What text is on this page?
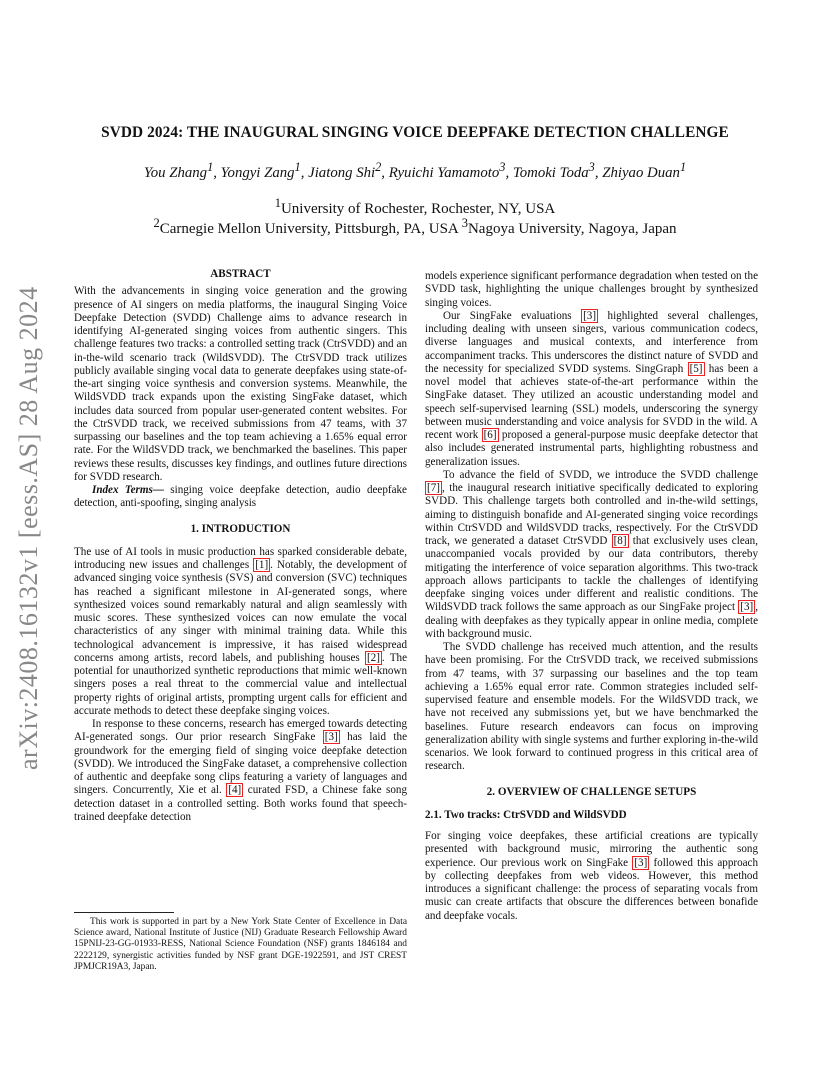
arXiv:2408.16132v1 [eess.AS] 28 Aug 2024
SVDD 2024: THE INAUGURAL SINGING VOICE DEEPFAKE DETECTION CHALLENGE
You Zhang$^1$, Yongyi Zang$^1$, Jiatong Shi$^2$, Ryuichi Yamamoto$^3$, Tomoki Toda$^3$, Zhiyao Duan$^1$
$^1$University of Rochester, Rochester, NY, USA
$^2$Carnegie Mellon University, Pittsburgh, PA, USA $^3$Nagoya University, Nagoya, Japan
ABSTRACT

With the advancements in singing voice generation and the growing presence of AI singers on media platforms, the inaugural Singing Voice Deepfake Detection (SVDD) Challenge aims to advance research in identifying AI-generated singing voices from authentic singers. This challenge features two tracks: a controlled setting track (CtrSVDD) and an in-the-wild scenario track (WildSVDD). The CtrSVDD track utilizes publicly available singing vocal data to generate deepfakes using state-of-the-art singing voice synthesis and conversion systems. Meanwhile, the WildSVDD track expands upon the existing SingFake dataset, which includes data sourced from popular user-generated content websites. For the CtrSVDD track, we received submissions from 47 teams, with 37 surpassing our baselines and the top team achieving a 1.65% equal error rate. For the WildSVDD track, we benchmarked the baselines. This paper reviews these results, discusses key findings, and outlines future directions for SVDD research.

Index Terms— singing voice deepfake detection, audio deepfake detection, anti-spoofing, singing analysis

1. INTRODUCTION

The use of AI tools in music production has sparked considerable debate, introducing new issues and challenges [1] . Notably, the development of advanced singing voice synthesis (SVS) and conversion (SVC) techniques has reached a significant milestone in AI-generated songs, where synthesized voices sound remarkably natural and align seamlessly with music scores. These synthesized voices can now emulate the vocal characteristics of any singer with minimal training data. While this technological advancement is impressive, it has raised widespread concerns among artists, record labels, and publishing houses [2] . The potential for unauthorized synthetic reproductions that mimic well-known singers poses a real threat to the commercial value and intellectual property rights of original artists, prompting urgent calls for efficient and accurate methods to detect these deepfake singing voices.

In response to these concerns, research has emerged towards detecting AI-generated songs. Our prior research SingFake [3] has laid the groundwork for the emerging field of singing voice deepfake detection (SVDD). We introduced the SingFake dataset, a comprehensive collection of authentic and deepfake song clips featuring a variety of languages and singers. Concurrently, Xie et al. [4] curated FSD, a Chinese fake song detection dataset in a controlled setting. Both works found that speech-trained deepfake detection

This work is supported in part by a New York State Center of Excellence in Data Science award, National Institute of Justice (NIJ) Graduate Research Fellowship Award 15PNIJ-23-GG-01933-RESS, National Science Foundation (NSF) grants 1846184 and 2222129, synergistic activities funded by NSF grant DGE-1922591, and JST CREST JPMJCR19A3, Japan.

models experience significant performance degradation when tested on the SVDD task, highlighting the unique challenges brought by synthesized singing voices.

Our SingFake evaluations [3] highlighted several challenges, including dealing with unseen singers, various communication codecs, diverse languages and musical contexts, and interference from accompaniment tracks. This underscores the distinct nature of SVDD and the necessity for specialized SVDD systems. SingGraph [5] has been a novel model that achieves state-of-the-art performance within the SingFake dataset. They utilized an acoustic understanding model and speech self-supervised learning (SSL) models, underscoring the synergy between music understanding and voice analysis for SVDD in the wild. A recent work [6] proposed a general-purpose music deepfake detector that also includes generated instrumental parts, highlighting robustness and generalization issues.

To advance the field of SVDD, we introduce the SVDD challenge [7] , the inaugural research initiative specifically dedicated to exploring SVDD. This challenge targets both controlled and in-the-wild settings, aiming to distinguish bonafide and AI-generated singing voice recordings within CtrSVDD and WildSVDD tracks, respectively. For the CtrSVDD track, we generated a dataset CtrSVDD [8] that exclusively uses clean, unaccompanied vocals provided by our data contributors, thereby mitigating the interference of voice separation algorithms. This two-track approach allows participants to tackle the challenges of identifying deepfake singing voices under different and realistic conditions. The WildSVDD track follows the same approach as our SingFake project [3] , dealing with deepfakes as they typically appear in online media, complete with background music.

The SVDD challenge has received much attention, and the results have been promising. For the CtrSVDD track, we received submissions from 47 teams, with 37 surpassing our baselines and the top team achieving a 1.65% equal error rate. Common strategies included self-supervised feature and ensemble models. For the WildSVDD track, we have not received any submissions yet, but we have benchmarked the baselines. Future research endeavors can focus on improving generalization ability with single systems and further exploring in-the-wild scenarios. We look forward to continued progress in this critical area of research.

2. OVERVIEW OF CHALLENGE SETUPS
2.1. Two tracks: CtrSVDD and WildSVDD

For singing voice deepfakes, these artificial creations are typically presented with background music, mirroring the authentic song experience. Our previous work on SingFake [3] followed this approach by collecting deepfakes from web videos. However, this method introduces a significant challenge: the process of separating vocals from music can create artifacts that obscure the differences between bonafide and deepfake vocals.
